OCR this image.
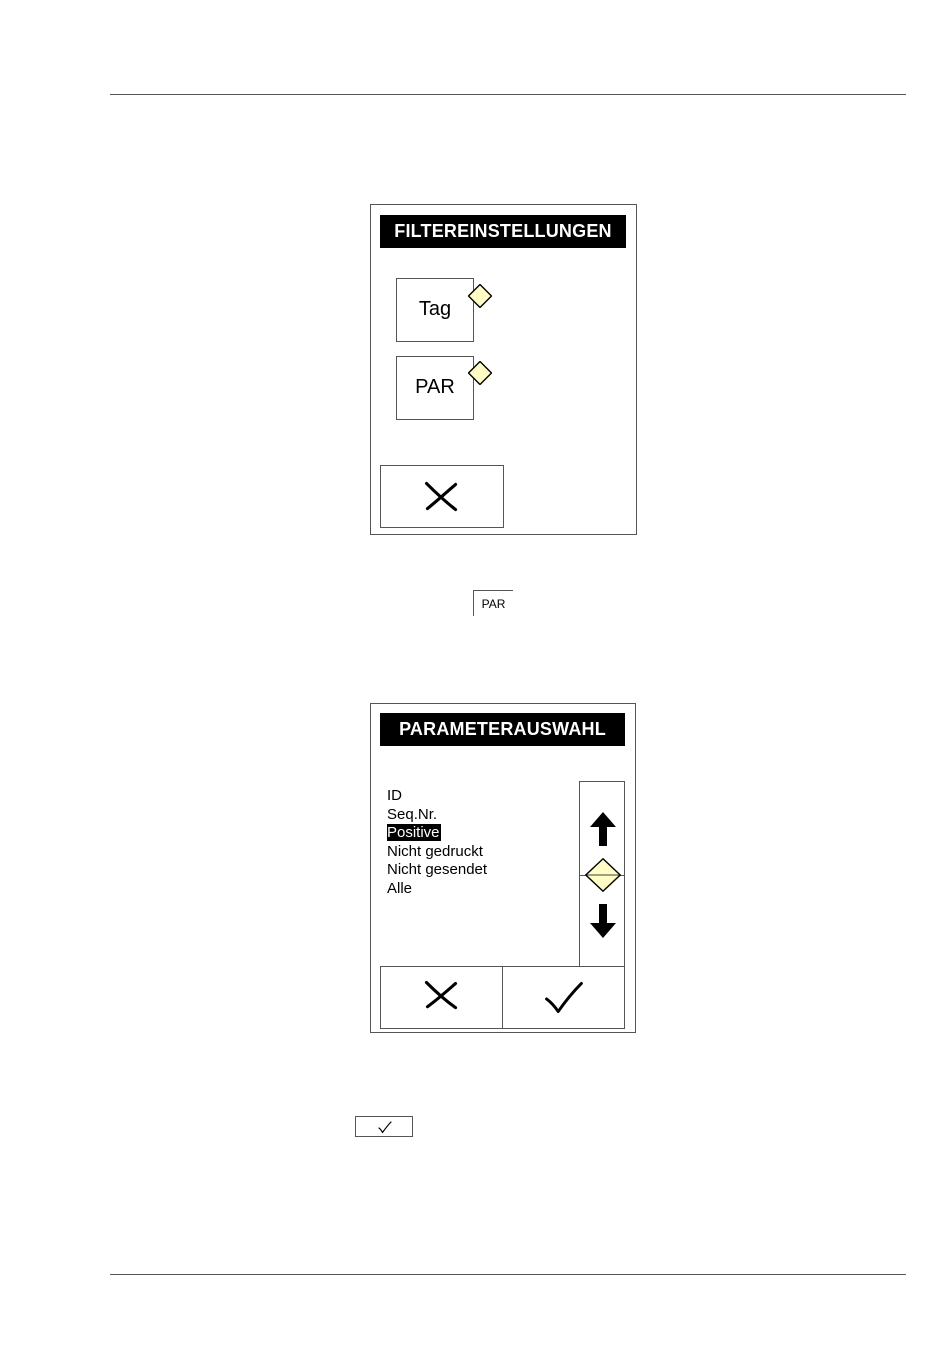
FILTEREINSTELLUNGEN
Tag
PAR
PAR
PARAMETERAUSWAHL
ID
Seq.Nr.
Positive
Nicht gedruckt
Nicht gesendet
Alle
